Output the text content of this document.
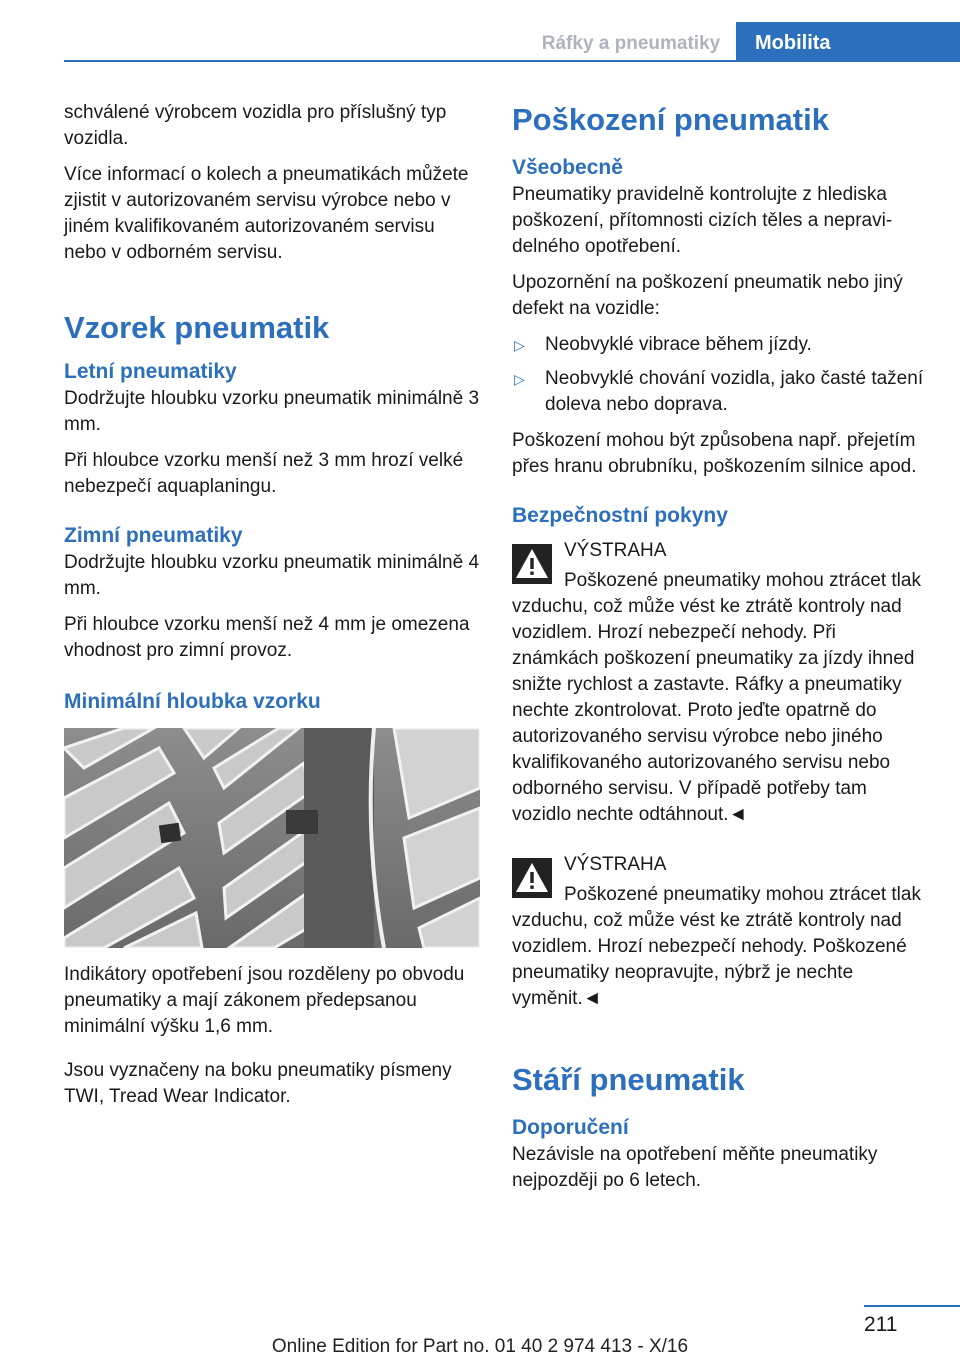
Ráfky a pneumatiky	Mobilita

schválené výrobcem vozidla pro příslušný typ vozidla.

Více informací o kolech a pneumatikách můžete zjistit v autorizovaném servisu výrobce nebo v jiném kvalifikovaném autorizovaném servisu nebo v odborném servisu.

Vzorek pneumatik
Letní pneumatiky

Dodržujte hloubku vzorku pneumatik minimálně 3 mm.

Při hloubce vzorku menší než 3 mm hrozí velké nebezpečí aquaplaningu.

Zimní pneumatiky

Dodržujte hloubku vzorku pneumatik minimálně 4 mm.

Při hloubce vzorku menší než 4 mm je omezena vhodnost pro zimní provoz.

Minimální hloubka vzorku

Indikátory opotřebení jsou rozděleny po obvodu pneumatiky a mají zákonem předepsanou minimální výšku 1,6 mm.

Jsou vyznačeny na boku pneumatiky písmeny TWI, Tread Wear Indicator.

Poškození pneumatik
Všeobecně

Pneumatiky pravidelně kontrolujte z hlediska poškození, přítomnosti cizích těles a nepravidelného opotřebení.

Upozornění na poškození pneumatik nebo jiný defekt na vozidle:

▷ Neobvyklé vibrace během jízdy.
▷ Neobvyklé chování vozidla, jako časté tažení doleva nebo doprava.

Poškození mohou být způsobena např. přejetím přes hranu obrubníku, poškozením silnice apod.

Bezpečnostní pokyny

VÝSTRAHA

Poškozené pneumatiky mohou ztrácet tlak vzduchu, což může vést ke ztrátě kontroly nad vozidlem. Hrozí nebezpečí nehody. Při známkách poškození pneumatiky za jízdy ihned snižte rychlost a zastavte. Ráfky a pneumatiky nechte zkontrolovat. Proto jeďte opatrně do autorizovaného servisu výrobce nebo jiného kvalifikovaného autorizovaného servisu nebo odborného servisu. V případě potřeby tam vozidlo nechte odtáhnout.◄

VÝSTRAHA

Poškozené pneumatiky mohou ztrácet tlak vzduchu, což může vést ke ztrátě kontroly nad vozidlem. Hrozí nebezpečí nehody. Poškozené pneumatiky neopravujte, nýbrž je nechte vyměnit.◄

Stáří pneumatik
Doporučení

Nezávisle na opotřebení měňte pneumatiky nejpozději po 6 letech.

211
Online Edition for Part no. 01 40 2 974 413 - X/16
